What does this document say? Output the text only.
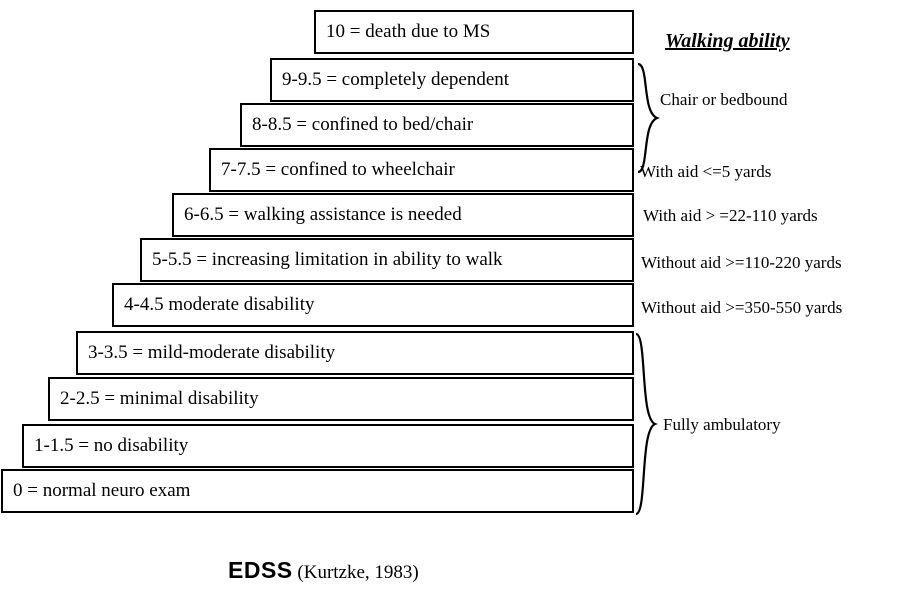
Walking ability
10 = death due to MS
9-9.5 = completely dependent
8-8.5 = confined to bed/chair
7-7.5 = confined to wheelchair
6-6.5 = walking assistance is needed
5-5.5 = increasing limitation in ability to walk
4-4.5 moderate disability
3-3.5 = mild-moderate disability
2-2.5 = minimal disability
1-1.5 = no disability
0 = normal neuro exam
Chair or bedbound
With aid <=5 yards
With aid > =22-110 yards
Without aid >=110-220 yards
Without aid >=350-550 yards
Fully ambulatory
EDSS (Kurtzke, 1983)
